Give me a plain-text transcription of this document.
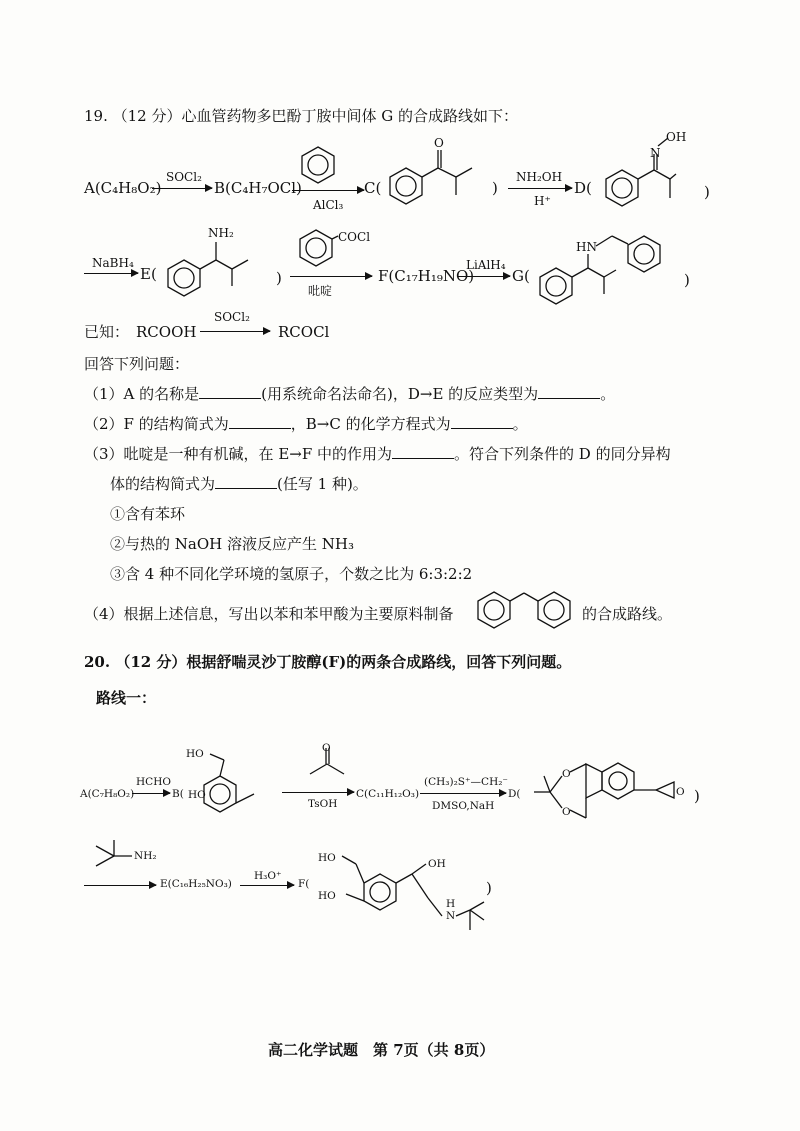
19. （12 分）心血管药物多巴酚丁胺中间体 G 的合成路线如下：
A(C₄H₈O₂)
SOCl₂
B(C₄H₇OCl)
AlCl₃
C(
O
)
NH₂OH
H⁺
D(
N
OH
)
NaBH₄
E(
NH₂
)
COCl
吡啶
F(C₁₇H₁₉NO)
LiAlH₄
G(
HN
)
已知： RCOOH
SOCl₂
RCOCl
回答下列问题：
（1）A 的名称是	(用系统命名法命名)，D→E 的反应类型为	。
（2）F 的结构简式为	，B→C 的化学方程式为	。
（3）吡啶是一种有机碱，在 E→F 中的作用为	。符合下列条件的 D 的同分异构
体的结构简式为	(任写 1 种)。
①含有苯环
②与热的 NaOH 溶液反应产生 NH₃
③含 4 种不同化学环境的氢原子，个数之比为 6:3:2:2
（4）根据上述信息，写出以苯和苯甲酸为主要原料制备	的合成路线。
20. （12 分）根据舒喘灵沙丁胺醇(F)的两条合成路线，回答下列问题。
路线一：
A(C₇H₈O₂)
HCHO
B(
HO
HO
O
TsOH
C(C₁₁H₁₂O₃)
(CH₃)₂S⁺—CH₂⁻
DMSO,NaH
D(
O
O
O )
NH₂
E(C₁₆H₂₅NO₃)
H₃O⁺
F(
HO
HO
OH
N
H
)
高二化学试题　第 7页（共 8页）
